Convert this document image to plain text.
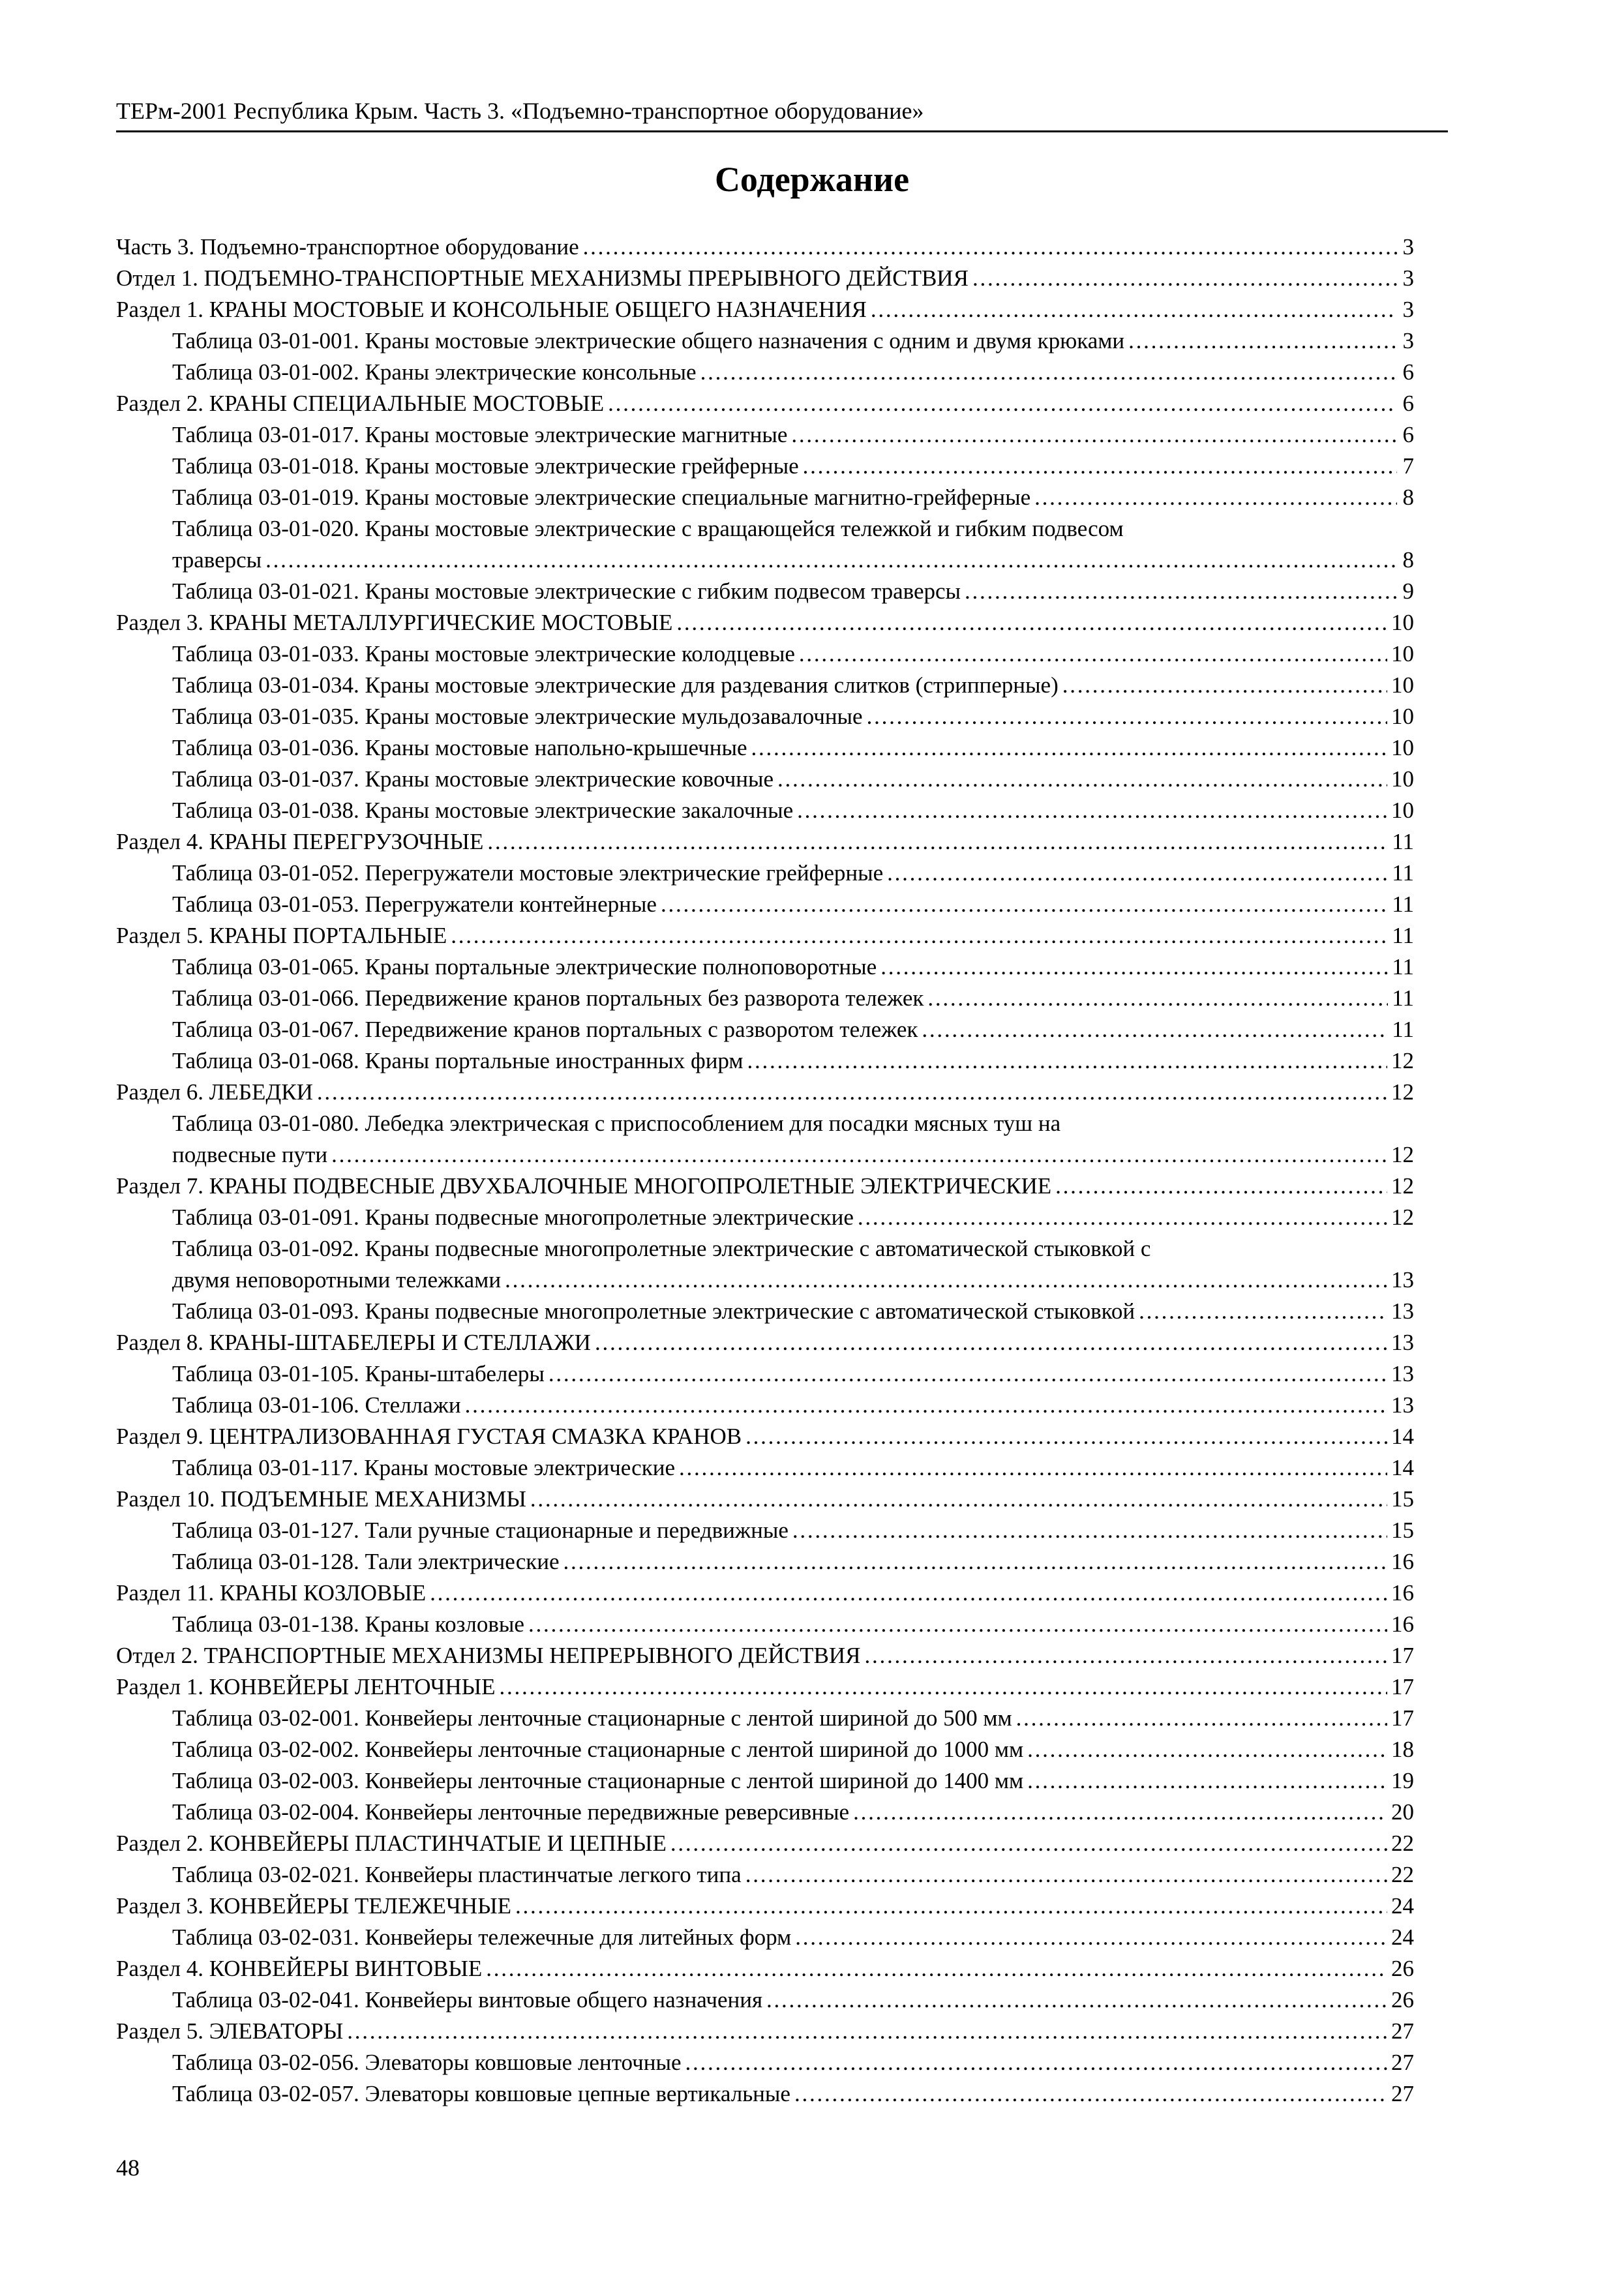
ТЕРм-2001 Республика Крым. Часть 3. «Подъемно-транспортное оборудование»
Содержание
Часть 3. Подъемно-транспортное оборудование . . .	3
Отдел 1. ПОДЪЕМНО-ТРАНСПОРТНЫЕ МЕХАНИЗМЫ ПРЕРЫВНОГО ДЕЙСТВИЯ . . .	3
Раздел 1. КРАНЫ МОСТОВЫЕ И КОНСОЛЬНЫЕ ОБЩЕГО НАЗНАЧЕНИЯ . . .	3
Таблица 03-01-001. Краны мостовые электрические общего назначения с одним и двумя крюками . . .	3
Таблица 03-01-002. Краны электрические консольные . . .	6
Раздел 2. КРАНЫ СПЕЦИАЛЬНЫЕ МОСТОВЫЕ . . .	6
Таблица 03-01-017. Краны мостовые электрические магнитные . . .	6
Таблица 03-01-018. Краны мостовые электрические грейферные . . .	7
Таблица 03-01-019. Краны мостовые электрические специальные магнитно-грейферные . . .	8
Таблица 03-01-020. Краны мостовые электрические с вращающейся тележкой и гибким подвесом
траверсы . . .	8
Таблица 03-01-021. Краны мостовые электрические с гибким подвесом траверсы . . .	9
Раздел 3. КРАНЫ МЕТАЛЛУРГИЧЕСКИЕ МОСТОВЫЕ . . .	10
Таблица 03-01-033. Краны мостовые электрические колодцевые . . .	10
Таблица 03-01-034. Краны мостовые электрические для раздевания слитков (стрипперные) . . .	10
Таблица 03-01-035. Краны мостовые электрические мульдозавалочные . . .	10
Таблица 03-01-036. Краны мостовые напольно-крышечные . . .	10
Таблица 03-01-037. Краны мостовые электрические ковочные . . .	10
Таблица 03-01-038. Краны мостовые электрические закалочные . . .	10
Раздел 4. КРАНЫ ПЕРЕГРУЗОЧНЫЕ . . .	11
Таблица 03-01-052. Перегружатели мостовые электрические грейферные . . .	11
Таблица 03-01-053. Перегружатели контейнерные . . .	11
Раздел 5. КРАНЫ ПОРТАЛЬНЫЕ . . .	11
Таблица 03-01-065. Краны портальные электрические полноповоротные . . .	11
Таблица 03-01-066. Передвижение кранов портальных без разворота тележек . . .	11
Таблица 03-01-067. Передвижение кранов портальных с разворотом тележек . . .	11
Таблица 03-01-068. Краны портальные иностранных фирм . . .	12
Раздел 6. ЛЕБЕДКИ . . .	12
Таблица 03-01-080. Лебедка электрическая с приспособлением для посадки мясных туш на
подвесные пути . . .	12
Раздел 7. КРАНЫ ПОДВЕСНЫЕ ДВУХБАЛОЧНЫЕ МНОГОПРОЛЕТНЫЕ ЭЛЕКТРИЧЕСКИЕ . . .	12
Таблица 03-01-091. Краны подвесные многопролетные электрические . . .	12
Таблица 03-01-092. Краны подвесные многопролетные электрические с автоматической стыковкой с
двумя неповоротными тележками . . .	13
Таблица 03-01-093. Краны подвесные многопролетные электрические с автоматической стыковкой . . .	13
Раздел 8. КРАНЫ-ШТАБЕЛЕРЫ И СТЕЛЛАЖИ . . .	13
Таблица 03-01-105. Краны-штабелеры . . .	13
Таблица 03-01-106. Стеллажи . . .	13
Раздел 9. ЦЕНТРАЛИЗОВАННАЯ ГУСТАЯ СМАЗКА КРАНОВ . . .	14
Таблица 03-01-117. Краны мостовые электрические . . .	14
Раздел 10. ПОДЪЕМНЫЕ МЕХАНИЗМЫ . . .	15
Таблица 03-01-127. Тали ручные стационарные и передвижные . . .	15
Таблица 03-01-128. Тали электрические . . .	16
Раздел 11. КРАНЫ КОЗЛОВЫЕ . . .	16
Таблица 03-01-138. Краны козловые . . .	16
Отдел 2. ТРАНСПОРТНЫЕ МЕХАНИЗМЫ НЕПРЕРЫВНОГО ДЕЙСТВИЯ . . .	17
Раздел 1. КОНВЕЙЕРЫ ЛЕНТОЧНЫЕ . . .	17
Таблица 03-02-001. Конвейеры ленточные стационарные с лентой шириной до 500 мм . . .	17
Таблица 03-02-002. Конвейеры ленточные стационарные с лентой шириной до 1000 мм . . .	18
Таблица 03-02-003. Конвейеры ленточные стационарные с лентой шириной до 1400 мм . . .	19
Таблица 03-02-004. Конвейеры ленточные передвижные реверсивные . . .	20
Раздел 2. КОНВЕЙЕРЫ ПЛАСТИНЧАТЫЕ И ЦЕПНЫЕ . . .	22
Таблица 03-02-021. Конвейеры пластинчатые легкого типа . . .	22
Раздел 3. КОНВЕЙЕРЫ ТЕЛЕЖЕЧНЫЕ . . .	24
Таблица 03-02-031. Конвейеры тележечные для литейных форм . . .	24
Раздел 4. КОНВЕЙЕРЫ ВИНТОВЫЕ . . .	26
Таблица 03-02-041. Конвейеры винтовые общего назначения . . .	26
Раздел 5. ЭЛЕВАТОРЫ . . .	27
Таблица 03-02-056. Элеваторы ковшовые ленточные . . .	27
Таблица 03-02-057. Элеваторы ковшовые цепные вертикальные . . .	27
48
